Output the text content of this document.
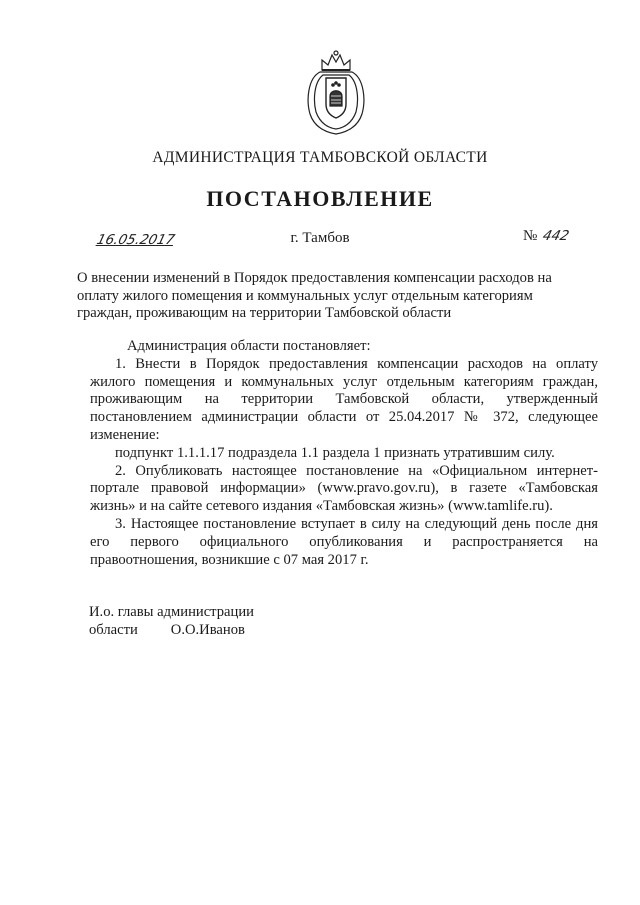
АДМИНИСТРАЦИЯ ТАМБОВСКОЙ ОБЛАСТИ
ПОСТАНОВЛЕНИЕ
16.05.2017	г. Тамбов	№ 442
О внесении изменений в Порядок предоставления компенсации расходов на
оплату жилого помещения и коммунальных услуг отдельным категориям
граждан, проживающим на территории Тамбовской области

Администрация области постановляет:

1. Внести в Порядок предоставления компенсации расходов на оплату жилого помещения и коммунальных услуг отдельным категориям граждан, проживающим на территории Тамбовской области, утвержденный постановлением администрации области от 25.04.2017 № 372, следующее изменение:

подпункт 1.1.1.17 подраздела 1.1 раздела 1 признать утратившим силу.

2. Опубликовать настоящее постановление на «Официальном интернет-портале правовой информации» (www.pravo.gov.ru), в газете «Тамбовская жизнь» и на сайте сетевого издания «Тамбовская жизнь» (www.tamlife.ru).

3. Настоящее постановление вступает в силу на следующий день после дня его первого официального опубликования и распространяется на правоотношения, возникшие с 07 мая 2017 г.

И.о. главы администрации
области О.О.Иванов
